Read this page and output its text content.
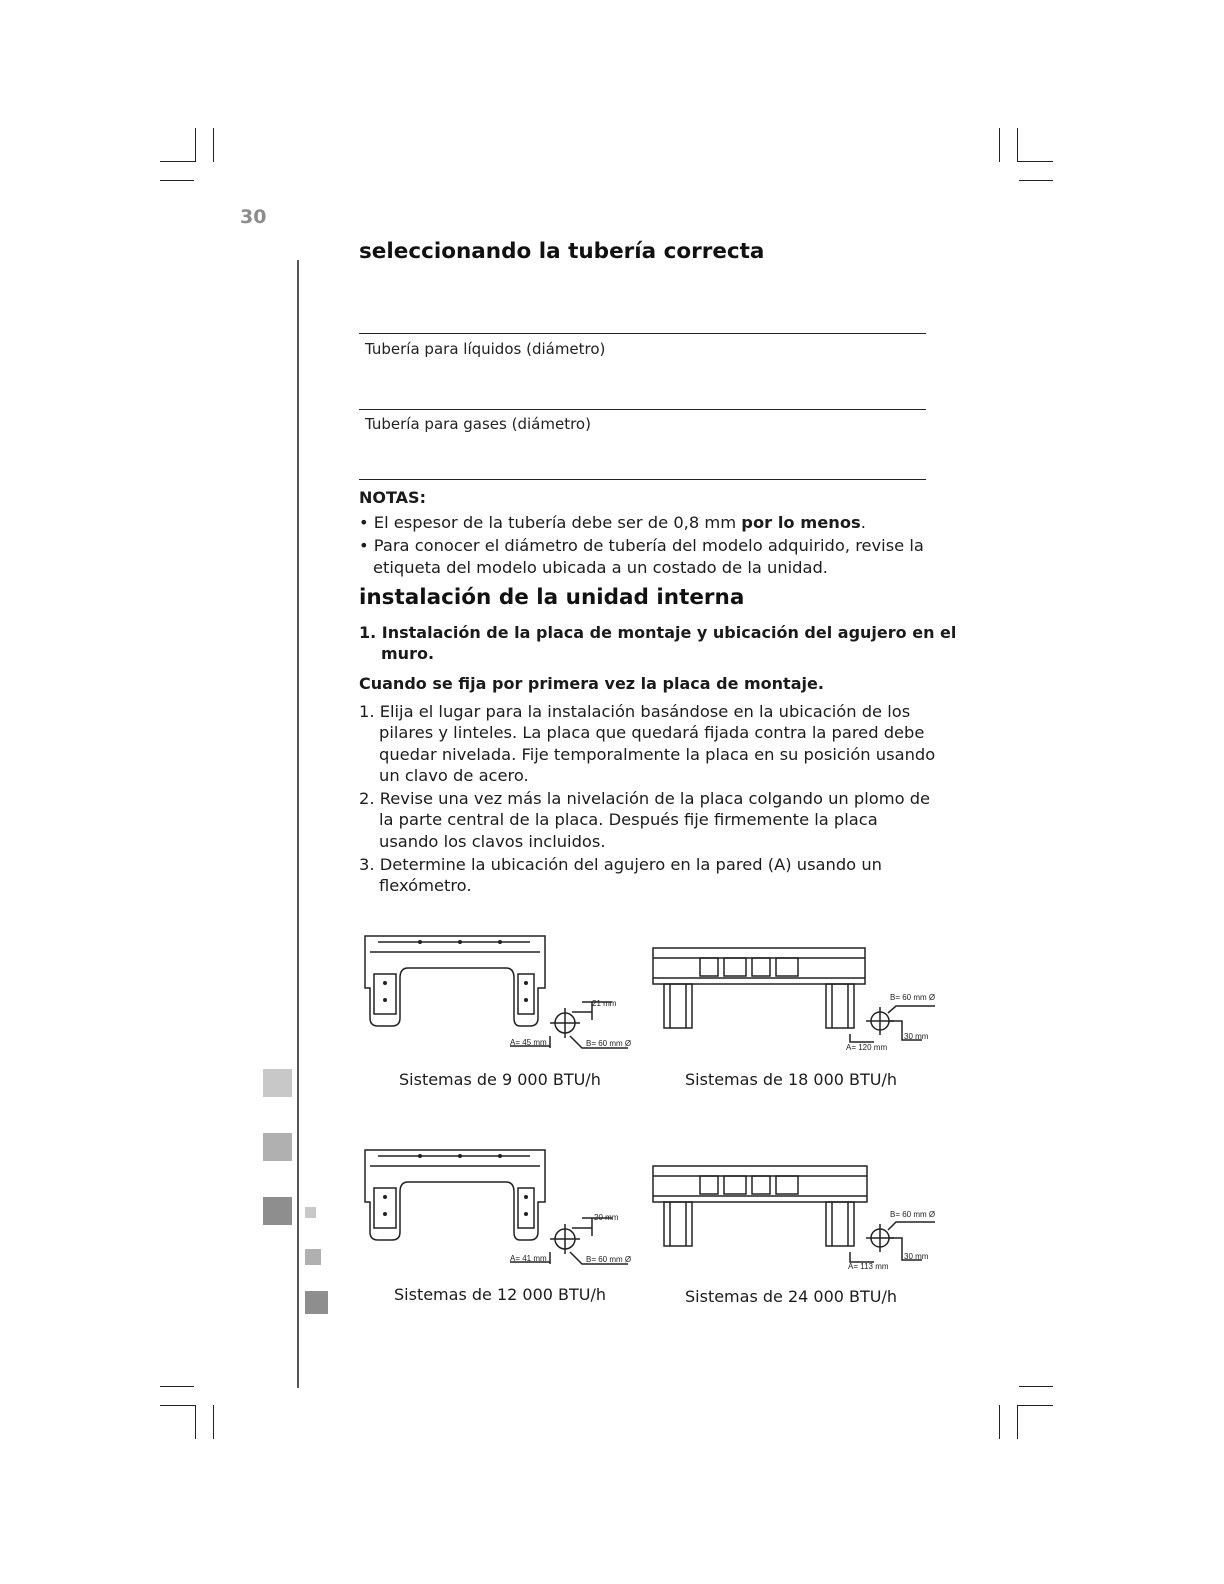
30
seleccionando la tubería correcta
Tubería para líquidos (diámetro)
Tubería para gases (diámetro)
NOTAS:
• El espesor de la tubería debe ser de 0,8 mm por lo menos.
• Para conocer el diámetro de tubería del modelo adquirido, revise la etiqueta del modelo ubicada a un costado de la unidad.
instalación de la unidad interna
1. Instalación de la placa de montaje y ubicación del agujero en el muro.
Cuando se fija por primera vez la placa de montaje.
1. Elija el lugar para la instalación basándose en la ubicación de los pilares y linteles. La placa que quedará fijada contra la pared debe quedar nivelada. Fije temporalmente la placa en su posición usando un clavo de acero.
2. Revise una vez más la nivelación de la placa colgando un plomo de la parte central de la placa. Después fije firmemente la placa usando los clavos incluidos.
3. Determine la ubicación del agujero en la pared (A) usando un flexómetro.
21 mm
A= 45 mm	B= 60 mm Ø
Sistemas de 9 000 BTU/h
B= 60 mm Ø
30 mm
A= 120 mm
Sistemas de 18 000 BTU/h
20 mm
A= 41 mm	B= 60 mm Ø
Sistemas de 12 000 BTU/h
B= 60 mm Ø
30 mm
A= 113 mm
Sistemas de 24 000 BTU/h
